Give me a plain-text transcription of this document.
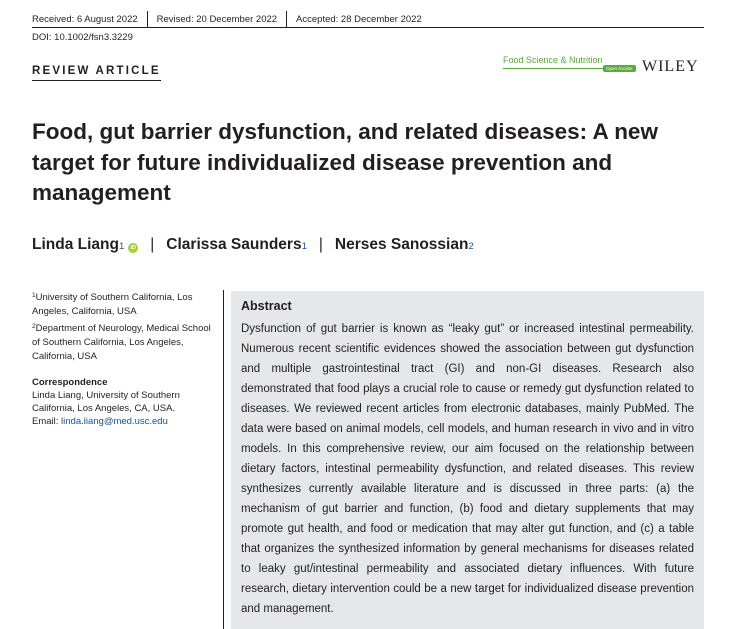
Received: 6 August 2022 Revised: 20 December 2022 Accepted: 28 December 2022
DOI: 10.1002/fsn3.3229
REVIEW ARTICLE
Food Science & Nutrition
Open Access WILEY
Food, gut barrier dysfunction, and related diseases: A new target for future individualized disease prevention and management
Linda Liang 1	iD | Clarissa Saunders 1 | Nerses Sanossian 2

$^1$University of Southern California, Los Angeles, California, USA

$^2$Department of Neurology, Medical School of Southern California, Los Angeles, California, USA

Correspondence
Linda Liang, University of Southern California, Los Angeles, CA, USA.
Email: linda.liang@med.usc.edu
Abstract
Dysfunction of gut barrier is known as “leaky gut” or increased intestinal permeability. Numerous recent scientific evidences showed the association between gut dysfunction and multiple gastrointestinal tract (GI) and non-GI diseases. Research also demonstrated that food plays a crucial role to cause or remedy gut dysfunction related to diseases. We reviewed recent articles from electronic databases, mainly PubMed. The data were based on animal models, cell models, and human research in vivo and in vitro models. In this comprehensive review, our aim focused on the relationship between dietary factors, intestinal permeability dysfunction, and related diseases. This review synthesizes currently available literature and is discussed in three parts: (a) the mechanism of gut barrier and function, (b) food and dietary supplements that may promote gut health, and food or medication that may alter gut function, and (c) a table that organizes the synthesized information by general mechanisms for diseases related to leaky gut/intestinal permeability and associated dietary influences. With future research, dietary intervention could be a new target for individualized disease prevention and management.
